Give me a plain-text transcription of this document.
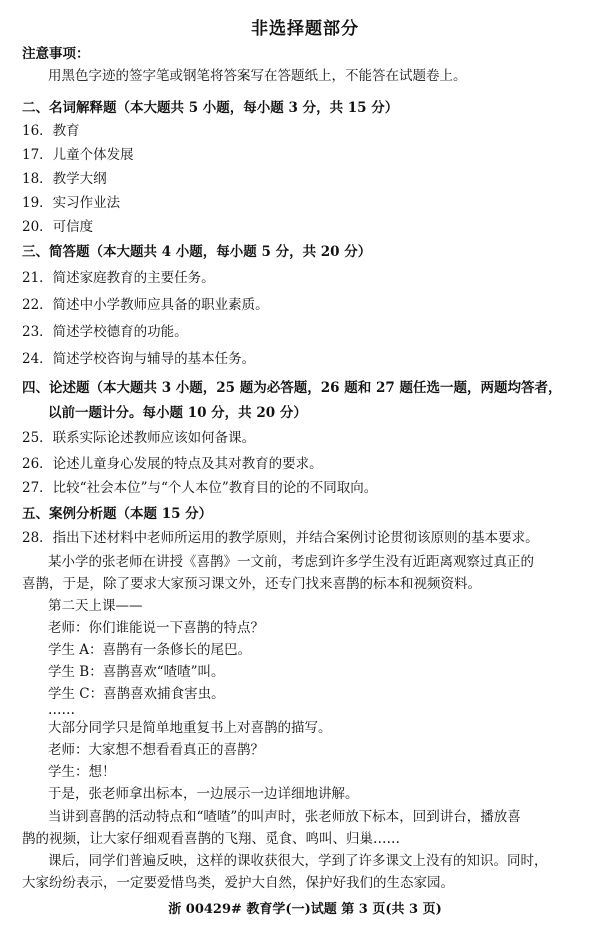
非选择题部分
注意事项：
用黑色字迹的签字笔或钢笔将答案写在答题纸上，不能答在试题卷上。
二、名词解释题（本大题共 5 小题，每小题 3 分，共 15 分）
16．教育
17．儿童个体发展
18．教学大纲
19．实习作业法
20．可信度
三、简答题（本大题共 4 小题，每小题 5 分，共 20 分）
21．简述家庭教育的主要任务。
22．简述中小学教师应具备的职业素质。
23．简述学校德育的功能。
24．简述学校咨询与辅导的基本任务。
四、论述题（本大题共 3 小题，25 题为必答题，26 题和 27 题任选一题，两题均答者，
以前一题计分。每小题 10 分，共 20 分）
25．联系实际论述教师应该如何备课。
26．论述儿童身心发展的特点及其对教育的要求。
27．比较“社会本位”与“个人本位”教育目的论的不同取向。
五、案例分析题（本题 15 分）
28．指出下述材料中老师所运用的教学原则，并结合案例讨论贯彻该原则的基本要求。
某小学的张老师在讲授《喜鹊》一文前，考虑到许多学生没有近距离观察过真正的
喜鹊，于是，除了要求大家预习课文外，还专门找来喜鹊的标本和视频资料。
第二天上课——
老师：你们谁能说一下喜鹊的特点？
学生 A：喜鹊有一条修长的尾巴。
学生 B：喜鹊喜欢“喳喳”叫。
学生 C：喜鹊喜欢捕食害虫。
……
大部分同学只是简单地重复书上对喜鹊的描写。
老师：大家想不想看看真正的喜鹊？
学生：想！
于是，张老师拿出标本，一边展示一边详细地讲解。
当讲到喜鹊的活动特点和“喳喳”的叫声时，张老师放下标本，回到讲台，播放喜
鹊的视频，让大家仔细观看喜鹊的飞翔、觅食、鸣叫、归巢……
课后，同学们普遍反映，这样的课收获很大，学到了许多课文上没有的知识。同时，
大家纷纷表示，一定要爱惜鸟类，爱护大自然，保护好我们的生态家园。
浙 00429# 教育学(一)试题 第 3 页(共 3 页)
